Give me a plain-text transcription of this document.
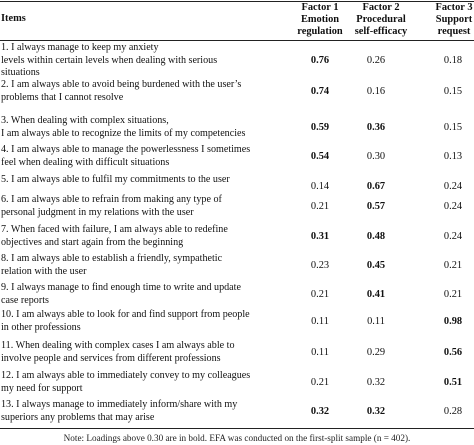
Items
Factor 1
Emotion
regulation
Factor 2
Procedural
self-efficacy
Factor 3
Support
request
1. I always manage to keep my anxiety
levels within certain levels when dealing with serious
situations
0.76	0.26	0.18
2. I am always able to avoid being burdened with the user’s
problems that I cannot resolve
0.74	0.16	0.15
3. When dealing with complex situations,
I am always able to recognize the limits of my competencies
0.59	0.36	0.15
4. I am always able to manage the powerlessness I sometimes
feel when dealing with difficult situations
0.54	0.30	0.13
5. I am always able to fulfil my commitments to the user
0.14	0.67	0.24
6. I am always able to refrain from making any type of
personal judgment in my relations with the user
0.21	0.57	0.24
7. When faced with failure, I am always able to redefine
objectives and start again from the beginning
0.31	0.48	0.24
8. I am always able to establish a friendly, sympathetic
relation with the user
0.23	0.45	0.21
9. I always manage to find enough time to write and update
case reports
0.21	0.41	0.21
10. I am always able to look for and find support from people
in other professions
0.11	0.11	0.98
11. When dealing with complex cases I am always able to
involve people and services from different professions
0.11	0.29	0.56
12. I am always able to immediately convey to my colleagues
my need for support
0.21	0.32	0.51
13. I always manage to immediately inform/share with my
superiors any problems that may arise
0.32	0.32	0.28
Note: Loadings above 0.30 are in bold. EFA was conducted on the first-split sample (n = 402).
